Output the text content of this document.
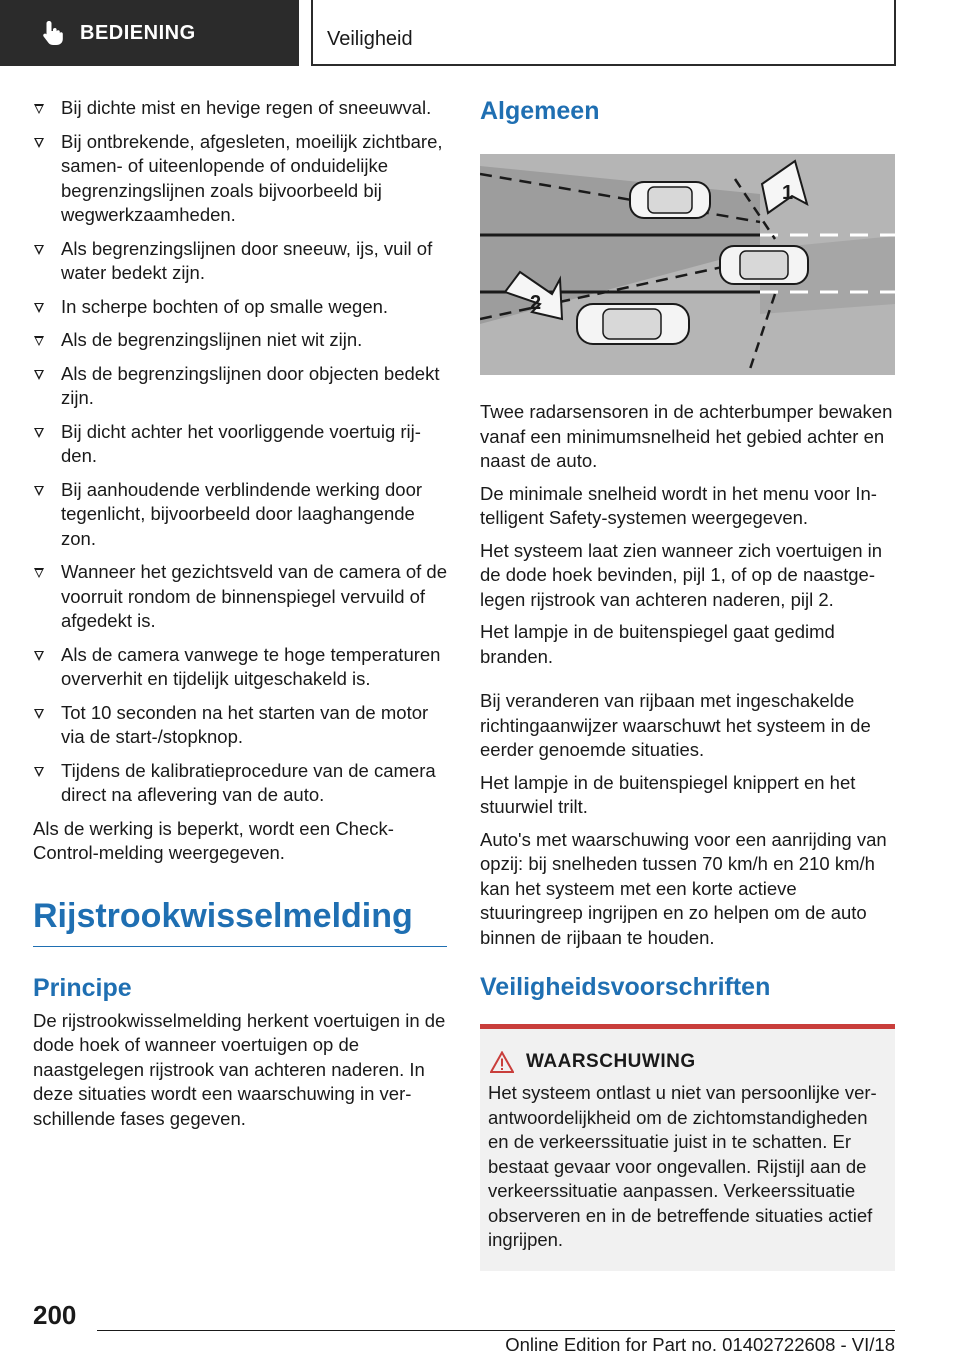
BEDIENING	Veiligheid
Bij dichte mist en hevige regen of sneeuwval.
Bij ontbrekende, afgesleten, moeilijk zichtbare, samen- of uiteenlopende of onduidelijke begrenzingslijnen zoals bijvoorbeeld bij wegwerkzaamheden.
Als begrenzingslijnen door sneeuw, ijs, vuil of water bedekt zijn.
In scherpe bochten of op smalle wegen.
Als de begrenzingslijnen niet wit zijn.
Als de begrenzingslijnen door objecten bedekt zijn.
Bij dicht achter het voorliggende voertuig rijden.
Bij aanhoudende verblindende werking door tegenlicht, bijvoorbeeld door laaghangende zon.
Wanneer het gezichtsveld van de camera of de voorruit rondom de binnenspiegel vervuild of afgedekt is.
Als de camera vanwege te hoge temperaturen oververhit en tijdelijk uitgeschakeld is.
Tot 10 seconden na het starten van de motor via de start-/stopknop.
Tijdens de kalibratieprocedure van de camera direct na aflevering van de auto.

Als de werking is beperkt, wordt een Check-Control-melding weergegeven.

Rijstrookwisselmelding
Principe

De rijstrookwisselmelding herkent voertuigen in de dode hoek of wanneer voertuigen op de naastgelegen rijstrook van achteren naderen. In deze situaties wordt een waarschuwing in verschillende fases gegeven.

Algemeen
1
2

Twee radarsensoren in de achterbumper bewaken vanaf een minimumsnelheid het gebied achter en naast de auto.

De minimale snelheid wordt in het menu voor Intelligent Safety-systemen weergegeven.

Het systeem laat zien wanneer zich voertuigen in de dode hoek bevinden, pijl 1, of op de naastgelegen rijstrook van achteren naderen, pijl 2.

Het lampje in de buitenspiegel gaat gedimd branden.

Bij veranderen van rijbaan met ingeschakelde richtingaanwijzer waarschuwt het systeem in de eerder genoemde situaties.

Het lampje in de buitenspiegel knippert en het stuurwiel trilt.

Auto's met waarschuwing voor een aanrijding van opzij: bij snelheden tussen 70 km/h en 210 km/h kan het systeem met een korte actieve stuuringreep ingrijpen en zo helpen om de auto binnen de rijbaan te houden.

Veiligheidsvoorschriften
WAARSCHUWING

Het systeem ontlast u niet van persoonlijke verantwoordelijkheid om de zichtomstandigheden en de verkeerssituatie juist in te schatten. Er bestaat gevaar voor ongevallen. Rijstijl aan de verkeerssituatie aanpassen. Verkeerssituatie observeren en in de betreffende situaties actief ingrijpen.

200
Online Edition for Part no. 01402722608 - VI/18
